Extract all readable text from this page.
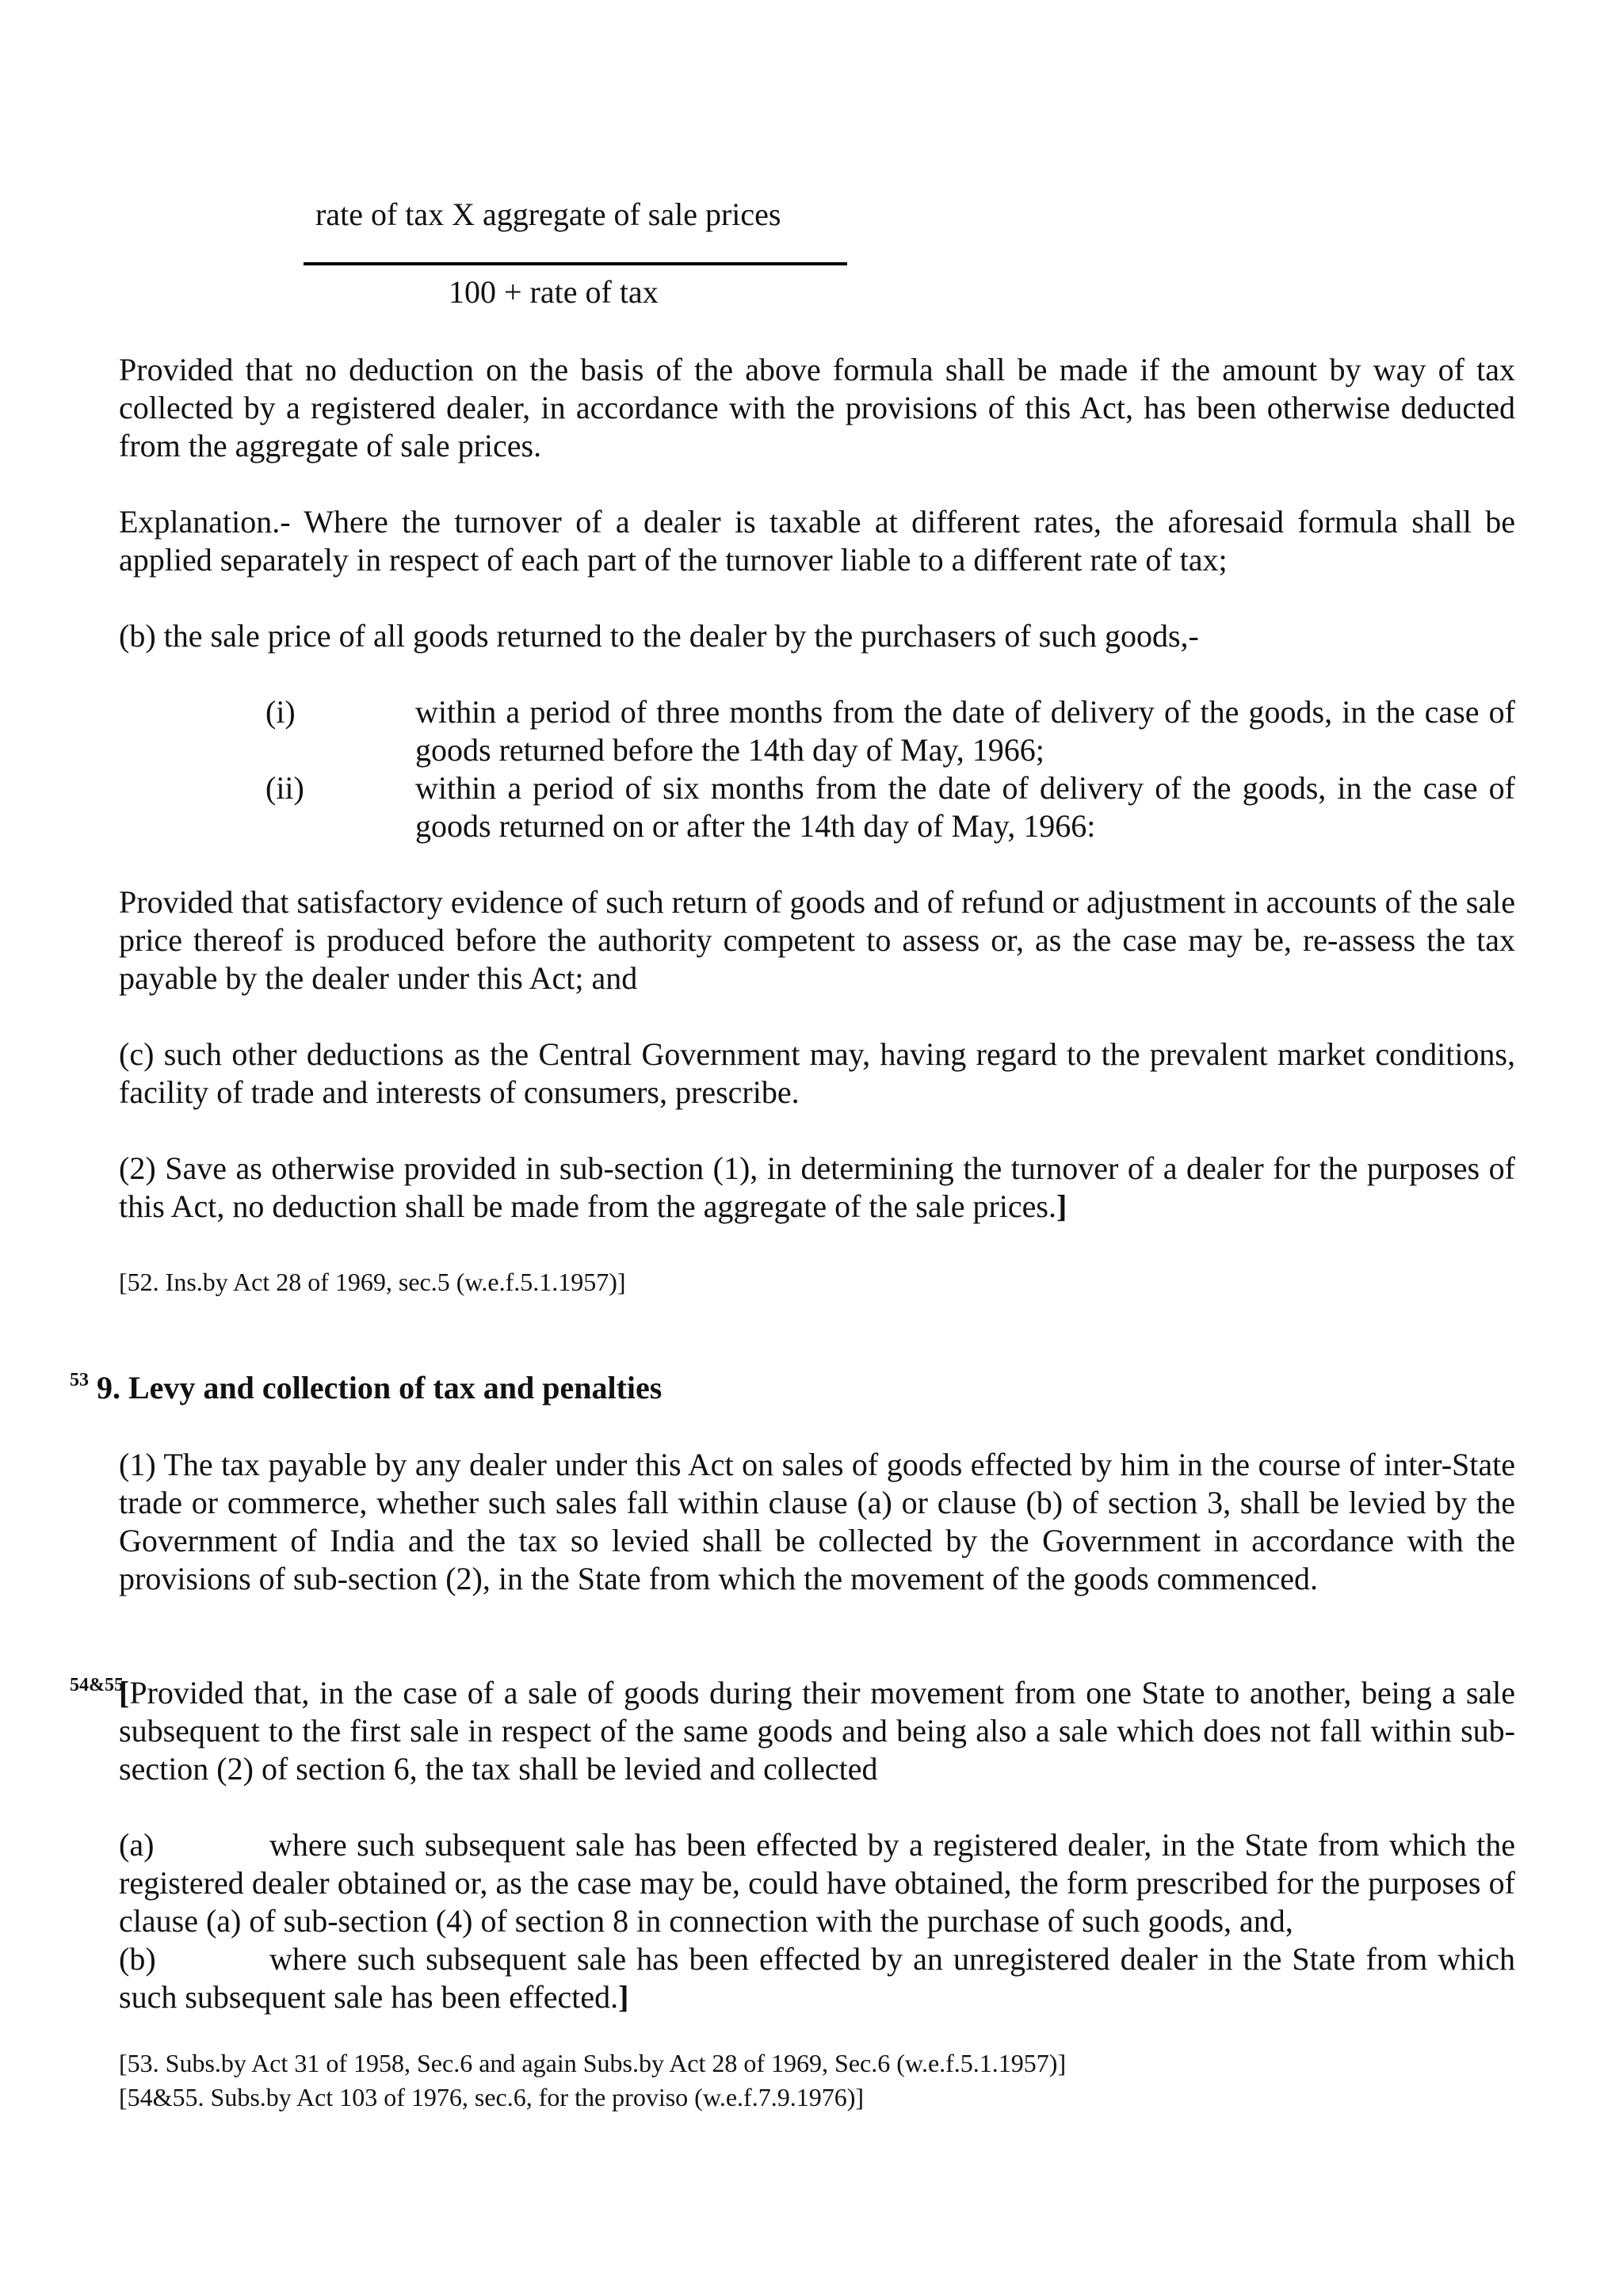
rate of tax X aggregate of sale prices
100 + rate of tax

Provided that no deduction on the basis of the above formula shall be made if the amount by way of tax collected by a registered dealer, in accordance with the provisions of this Act, has been otherwise deducted from the aggregate of sale prices.

Explanation.- Where the turnover of a dealer is taxable at different rates, the aforesaid formula shall be applied separately in respect of each part of the turnover liable to a different rate of tax;

(b) the sale price of all goods returned to the dealer by the purchasers of such goods,-

(i)	within a period of three months from the date of delivery of the goods, in the case of goods returned before the 14th day of May, 1966;
(ii)	within a period of six months from the date of delivery of the goods, in the case of goods returned on or after the 14th day of May, 1966:

Provided that satisfactory evidence of such return of goods and of refund or adjustment in accounts of the sale price thereof is produced before the authority competent to assess or, as the case may be, re-assess the tax payable by the dealer under this Act; and

(c) such other deductions as the Central Government may, having regard to the prevalent market conditions, facility of trade and interests of consumers, prescribe.

(2) Save as otherwise provided in sub-section (1), in determining the turnover of a dealer for the purposes of this Act, no deduction shall be made from the aggregate of the sale prices.]

[52. Ins.by Act 28 of 1969, sec.5 (w.e.f.5.1.1957)]

$^{53}$ 9. Levy and collection of tax and penalties

(1) The tax payable by any dealer under this Act on sales of goods effected by him in the course of inter-State trade or commerce, whether such sales fall within clause (a) or clause (b) of section 3, shall be levied by the Government of India and the tax so levied shall be collected by the Government in accordance with the provisions of sub-section (2), in the State from which the movement of the goods commenced.

54&55

[Provided that, in the case of a sale of goods during their movement from one State to another, being a sale subsequent to the first sale in respect of the same goods and being also a sale which does not fall within sub-section (2) of section 6, the tax shall be levied and collected

(a)	where such subsequent sale has been effected by a registered dealer, in the State from which the registered dealer obtained or, as the case may be, could have obtained, the form prescribed for the purposes of clause (a) of sub-section (4) of section 8 in connection with the purchase of such goods, and,
(b)	where such subsequent sale has been effected by an unregistered dealer in the State from which such subsequent sale has been effected.]

[53. Subs.by Act 31 of 1958, Sec.6 and again Subs.by Act 28 of 1969, Sec.6 (w.e.f.5.1.1957)]

[54&55. Subs.by Act 103 of 1976, sec.6, for the proviso (w.e.f.7.9.1976)]
